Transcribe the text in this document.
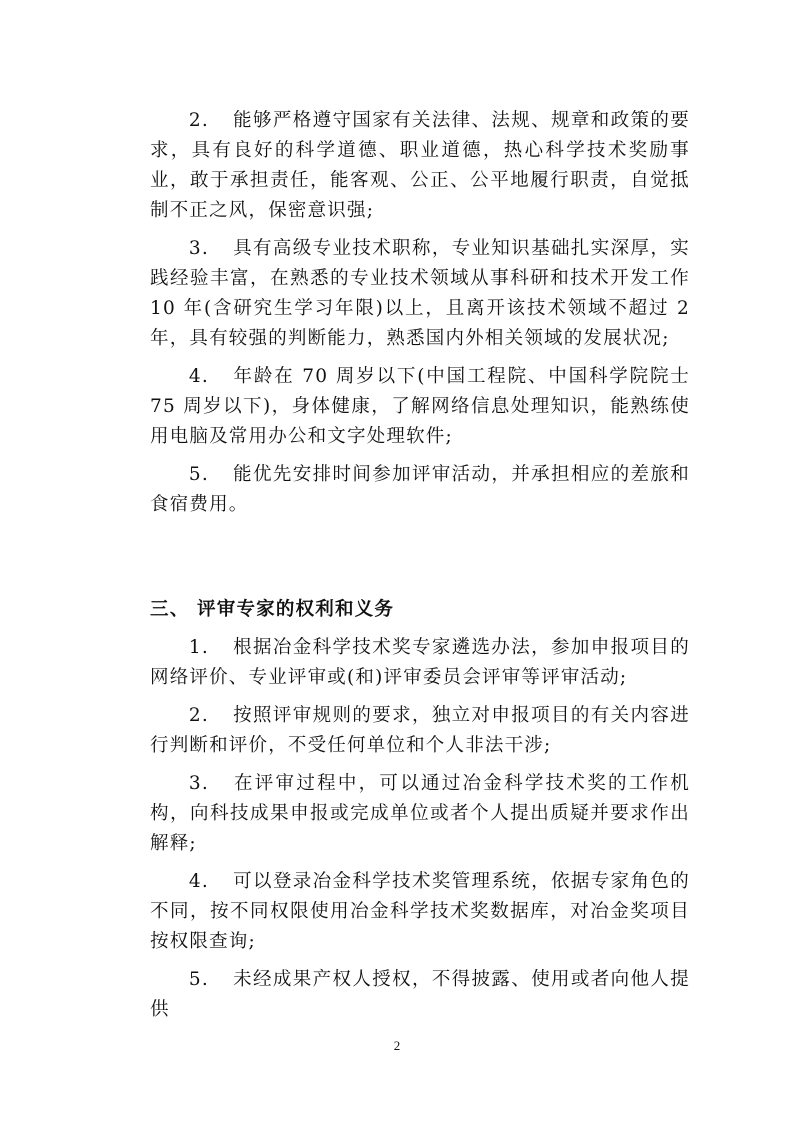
2. 能够严格遵守国家有关法律、法规、规章和政策的要求，具有良好的科学道德、职业道德，热心科学技术奖励事业，敢于承担责任，能客观、公正、公平地履行职责，自觉抵制不正之风，保密意识强;

3. 具有高级专业技术职称，专业知识基础扎实深厚，实践经验丰富，在熟悉的专业技术领域从事科研和技术开发工作 10 年(含研究生学习年限)以上，且离开该技术领域不超过 2 年，具有较强的判断能力，熟悉国内外相关领域的发展状况;

4. 年龄在 70 周岁以下(中国工程院、中国科学院院士 75 周岁以下)，身体健康，了解网络信息处理知识，能熟练使用电脑及常用办公和文字处理软件;

5. 能优先安排时间参加评审活动，并承担相应的差旅和食宿费用。

三、 评审专家的权利和义务

1. 根据冶金科学技术奖专家遴选办法，参加申报项目的网络评价、专业评审或(和)评审委员会评审等评审活动;

2. 按照评审规则的要求，独立对申报项目的有关内容进行判断和评价，不受任何单位和个人非法干涉;

3. 在评审过程中，可以通过冶金科学技术奖的工作机构，向科技成果申报或完成单位或者个人提出质疑并要求作出解释;

4. 可以登录冶金科学技术奖管理系统，依据专家角色的不同，按不同权限使用冶金科学技术奖数据库，对冶金奖项目按权限查询;

5. 未经成果产权人授权，不得披露、使用或者向他人提供

2
